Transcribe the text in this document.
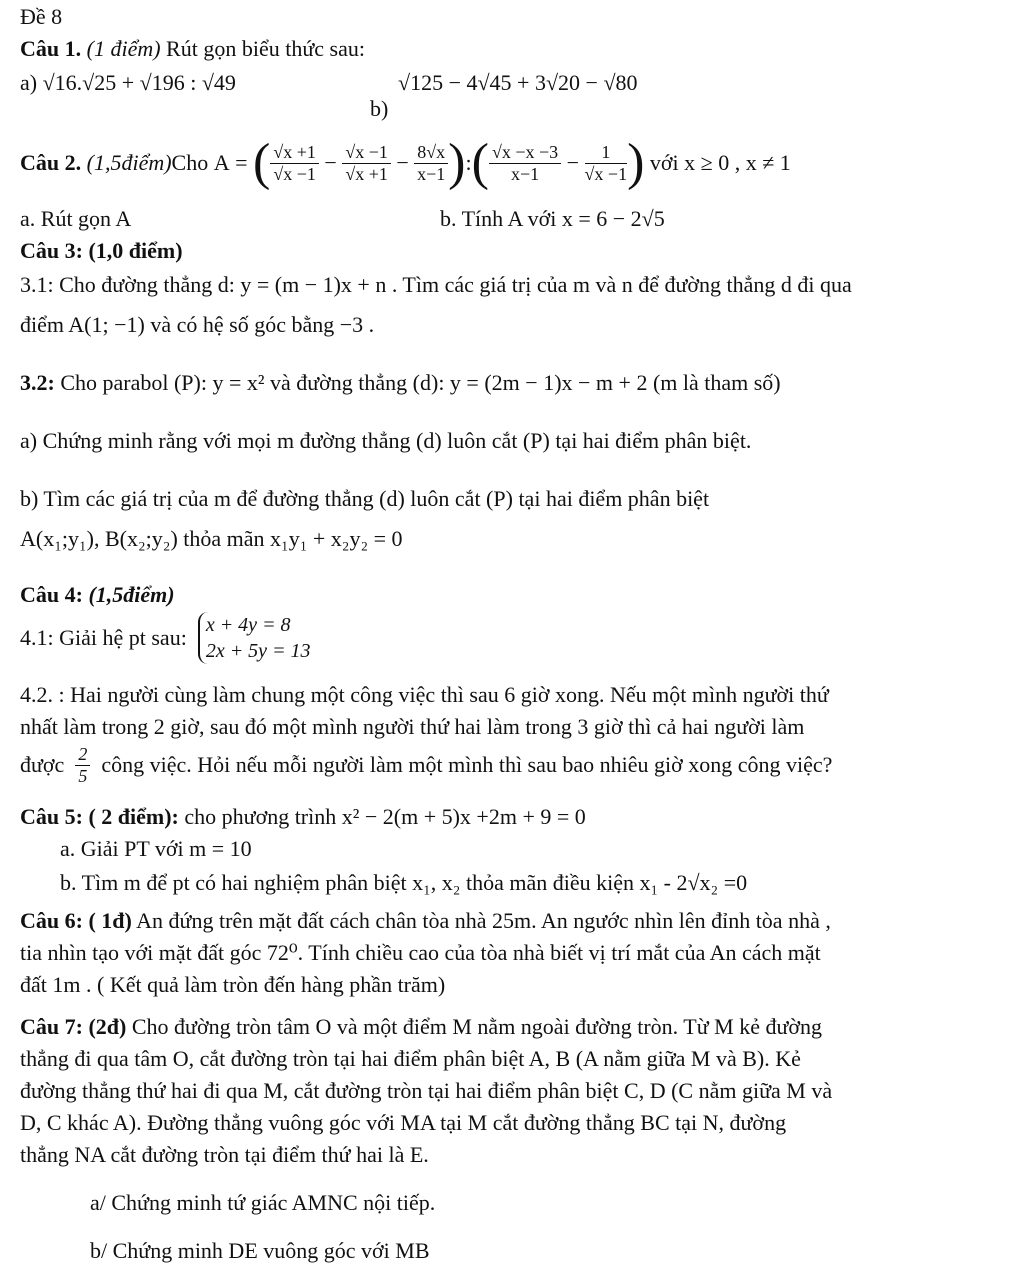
Đề 8
Câu 1. (1 điểm) Rút gọn biểu thức sau:
a) √16.√25 + √196 : √49	√125 − 4√45 + 3√20 − √80
b)
Câu 2.
(1,5điểm) Cho
A = ( $\frac{√x +1}{√x -1} - \frac{√x -1}{√x +1} - \frac{8√x}{x-1}$ ) : ( $\frac{√x -x -3}{x-1} - \frac{1}{√x -1}$ )
với x ≥ 0 , x ≠ 1
a. Rút gọn A	b. Tính A với x = 6 − 2√5
Câu 3: (1,0 điểm)
3.1: Cho đường thẳng d: y = (m − 1)x + n . Tìm các giá trị của m và n để đường thẳng d đi qua
điểm A(1; −1) và có hệ số góc bằng −3 .
3.2: Cho parabol (P): y = x² và đường thẳng (d): y = (2m − 1)x − m + 2 (m là tham số)
a) Chứng minh rằng với mọi m đường thẳng (d) luôn cắt (P) tại hai điểm phân biệt.
b) Tìm các giá trị của m để đường thẳng (d) luôn cắt (P) tại hai điểm phân biệt
A(x₁;y₁), B(x₂;y₂) thỏa mãn x₁y₁ + x₂y₂ = 0
Câu 4: (1,5điểm)
4.1: Giải hệ pt sau:
x + 4y = 8
2x + 5y = 13
4.2. : Hai người cùng làm chung một công việc thì sau 6 giờ xong. Nếu một mình người thứ
nhất làm trong 2 giờ, sau đó một mình người thứ hai làm trong 3 giờ thì cả hai người làm
được
$\frac{2}{5}$
công việc. Hỏi nếu mỗi người làm một mình thì sau bao nhiêu giờ xong công việc?
Câu 5: ( 2 điểm): cho phương trình x² − 2(m + 5)x +2m + 9 = 0
a. Giải PT với m = 10
b. Tìm m để pt có hai nghiệm phân biệt x₁, x₂ thỏa mãn điều kiện x₁ - 2√x₂ =0
Câu 6: ( 1đ) An đứng trên mặt đất cách chân tòa nhà 25m. An ngước nhìn lên đỉnh tòa nhà ,
tia nhìn tạo với mặt đất góc 72⁰. Tính chiều cao của tòa nhà biết vị trí mắt của An cách mặt
đất 1m . ( Kết quả làm tròn đến hàng phần trăm)
Câu 7: (2đ) Cho đường tròn tâm O và một điểm M nằm ngoài đường tròn. Từ M kẻ đường
thẳng đi qua tâm O, cắt đường tròn tại hai điểm phân biệt A, B (A nằm giữa M và B). Kẻ
đường thẳng thứ hai đi qua M, cắt đường tròn tại hai điểm phân biệt C, D (C nằm giữa M và
D, C khác A). Đường thẳng vuông góc với MA tại M cắt đường thẳng BC tại N, đường
thẳng NA cắt đường tròn tại điểm thứ hai là E.
a/ Chứng minh tứ giác AMNC nội tiếp.
b/ Chứng minh DE vuông góc với MB
